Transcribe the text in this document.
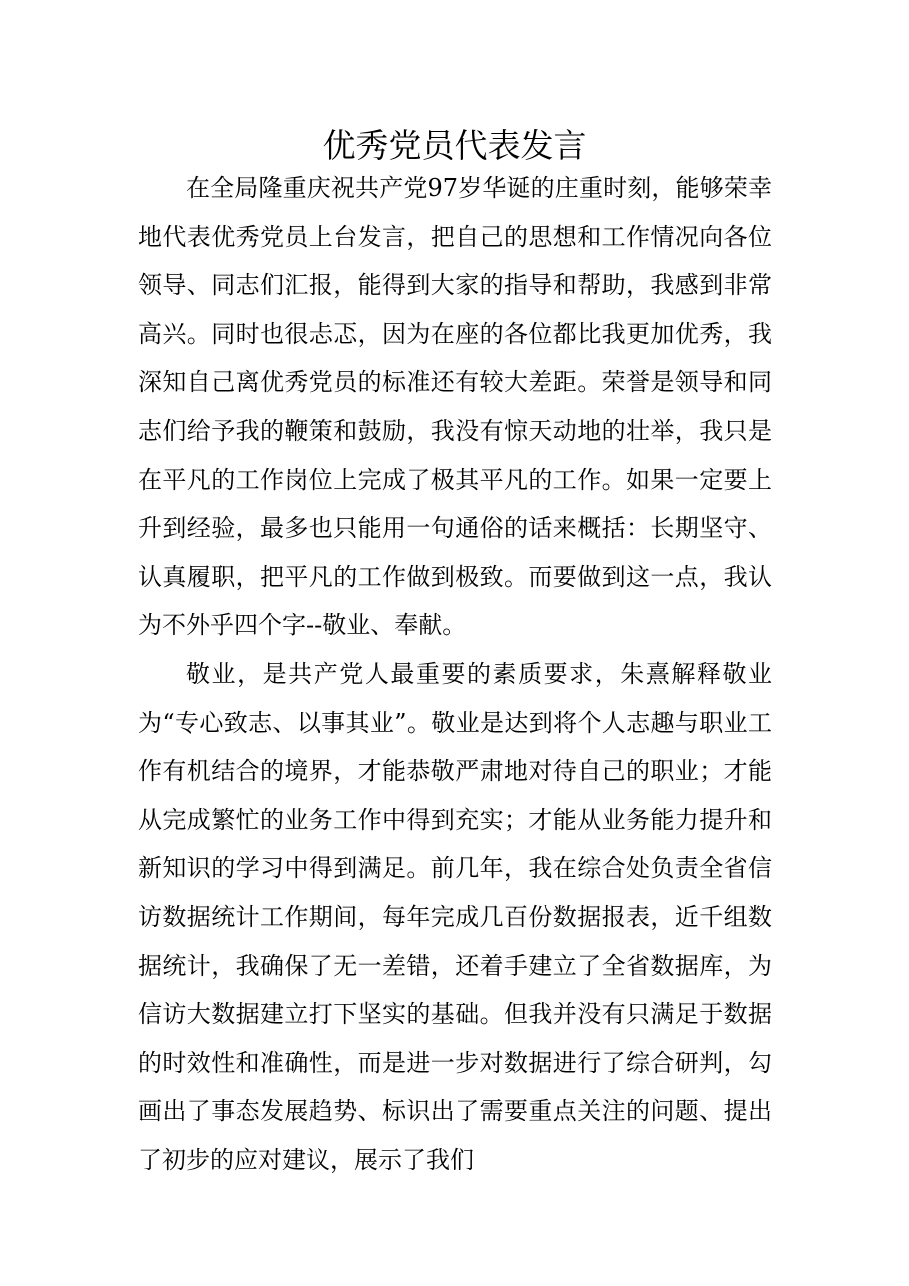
优秀党员代表发言

在全局隆重庆祝共产党97岁华诞的庄重时刻，能够荣幸地代表优秀党员上台发言，把自己的思想和工作情况向各位领导、同志们汇报，能得到大家的指导和帮助，我感到非常高兴。同时也很忐忑，因为在座的各位都比我更加优秀，我深知自己离优秀党员的标准还有较大差距。荣誉是领导和同志们给予我的鞭策和鼓励，我没有惊天动地的壮举，我只是在平凡的工作岗位上完成了极其平凡的工作。如果一定要上升到经验，最多也只能用一句通俗的话来概括：长期坚守、认真履职，把平凡的工作做到极致。而要做到这一点，我认为不外乎四个字--敬业、奉献。

敬业，是共产党人最重要的素质要求，朱熹解释敬业为“专心致志、以事其业”。敬业是达到将个人志趣与职业工作有机结合的境界，才能恭敬严肃地对待自己的职业；才能从完成繁忙的业务工作中得到充实；才能从业务能力提升和新知识的学习中得到满足。前几年，我在综合处负责全省信访数据统计工作期间，每年完成几百份数据报表，近千组数据统计，我确保了无一差错，还着手建立了全省数据库，为信访大数据建立打下坚实的基础。但我并没有只满足于数据的时效性和准确性，而是进一步对数据进行了综合研判，勾画出了事态发展趋势、标识出了需要重点关注的问题、提出了初步的应对建议，展示了我们
